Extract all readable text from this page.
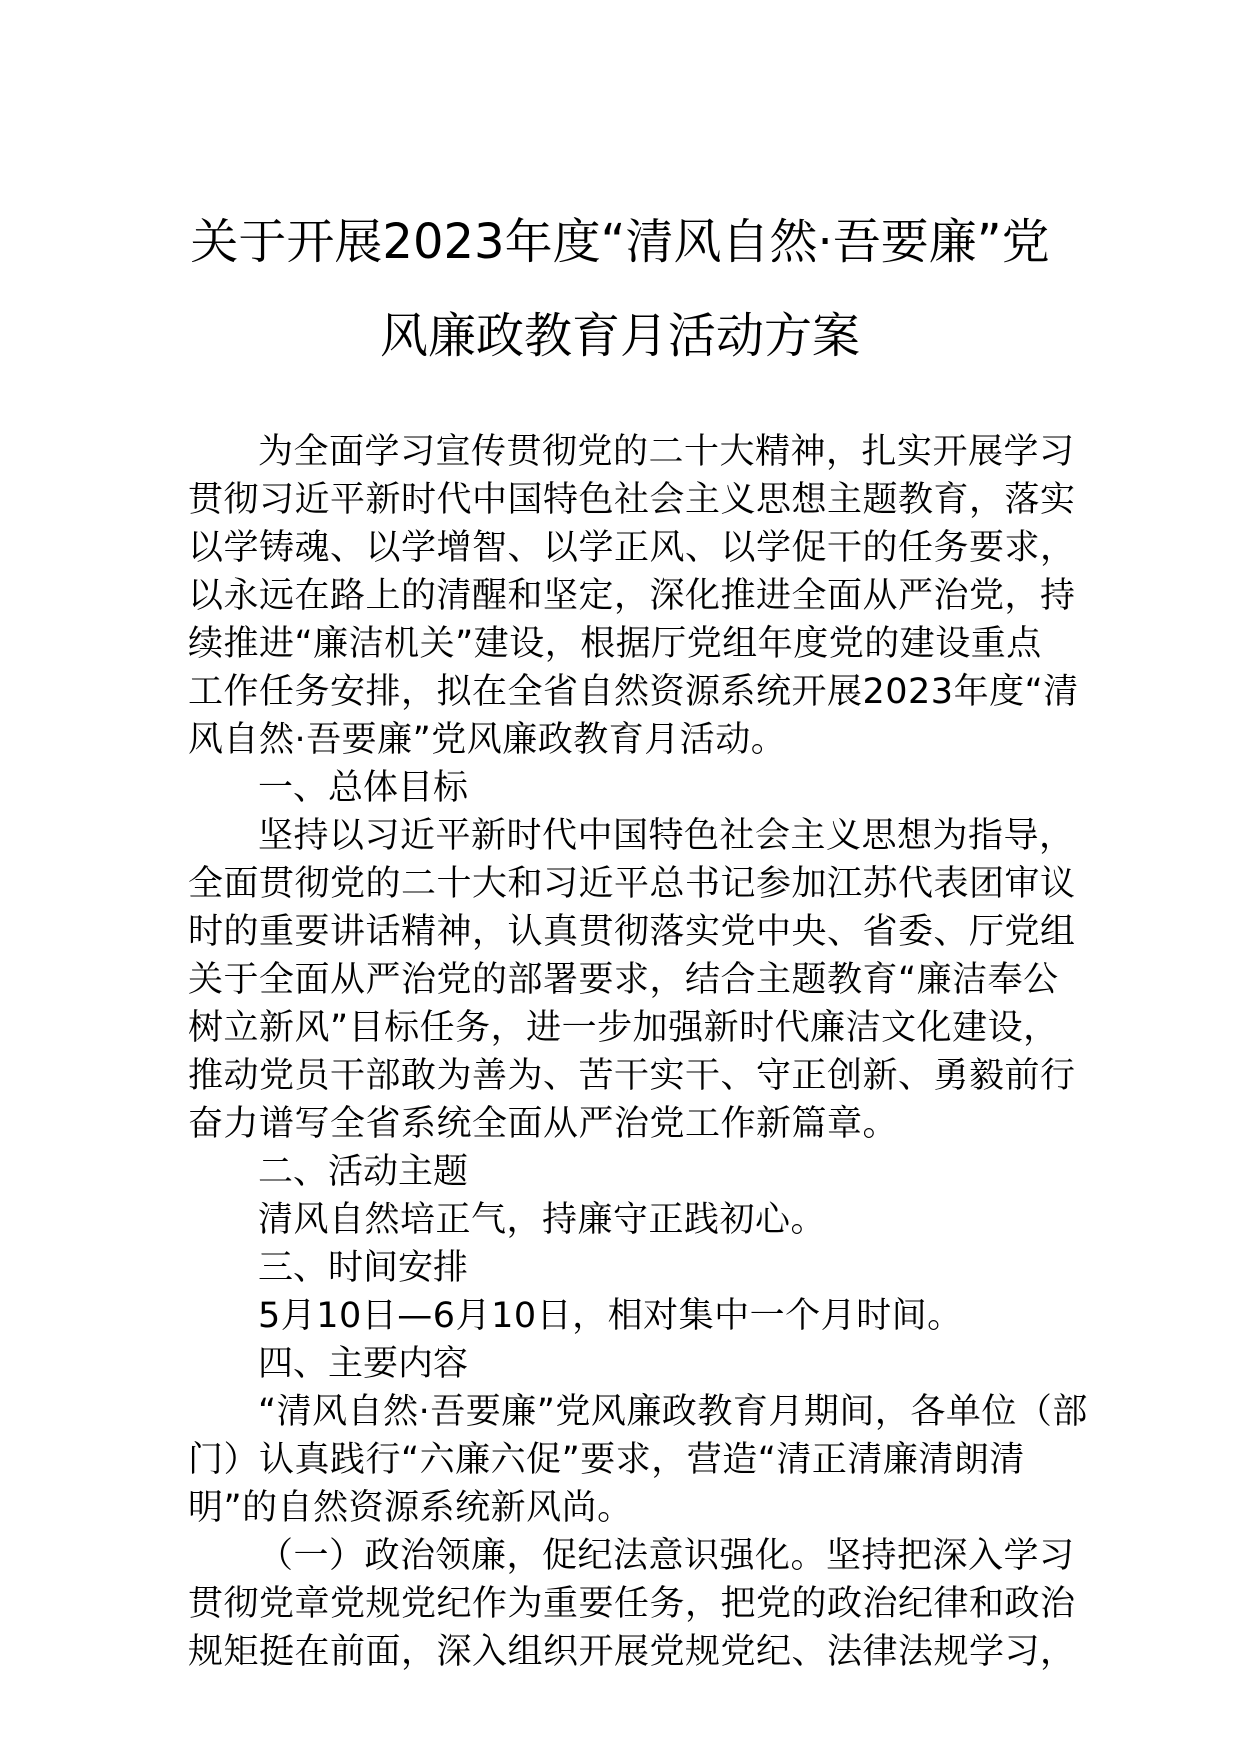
关于开展2023年度“清风自然·吾要廉”党
风廉政教育月活动方案
为全面学习宣传贯彻党的二十大精神，扎实开展学习
贯彻习近平新时代中国特色社会主义思想主题教育，落实
以学铸魂、以学增智、以学正风、以学促干的任务要求，
以永远在路上的清醒和坚定，深化推进全面从严治党，持
续推进“廉洁机关”建设，根据厅党组年度党的建设重点
工作任务安排，拟在全省自然资源系统开展2023年度“清
风自然·吾要廉”党风廉政教育月活动。
一、总体目标
坚持以习近平新时代中国特色社会主义思想为指导，
全面贯彻党的二十大和习近平总书记参加江苏代表团审议
时的重要讲话精神，认真贯彻落实党中央、省委、厅党组
关于全面从严治党的部署要求，结合主题教育“廉洁奉公
树立新风”目标任务，进一步加强新时代廉洁文化建设，
推动党员干部敢为善为、苦干实干、守正创新、勇毅前行
奋力谱写全省系统全面从严治党工作新篇章。
二、活动主题
清风自然培正气，持廉守正践初心。
三、时间安排
5月10日—6月10日，相对集中一个月时间。
四、主要内容
“清风自然·吾要廉”党风廉政教育月期间，各单位（部
门）认真践行“六廉六促”要求，营造“清正清廉清朗清
明”的自然资源系统新风尚。
（一）政治领廉，促纪法意识强化。坚持把深入学习
贯彻党章党规党纪作为重要任务，把党的政治纪律和政治
规矩挺在前面，深入组织开展党规党纪、法律法规学习，
